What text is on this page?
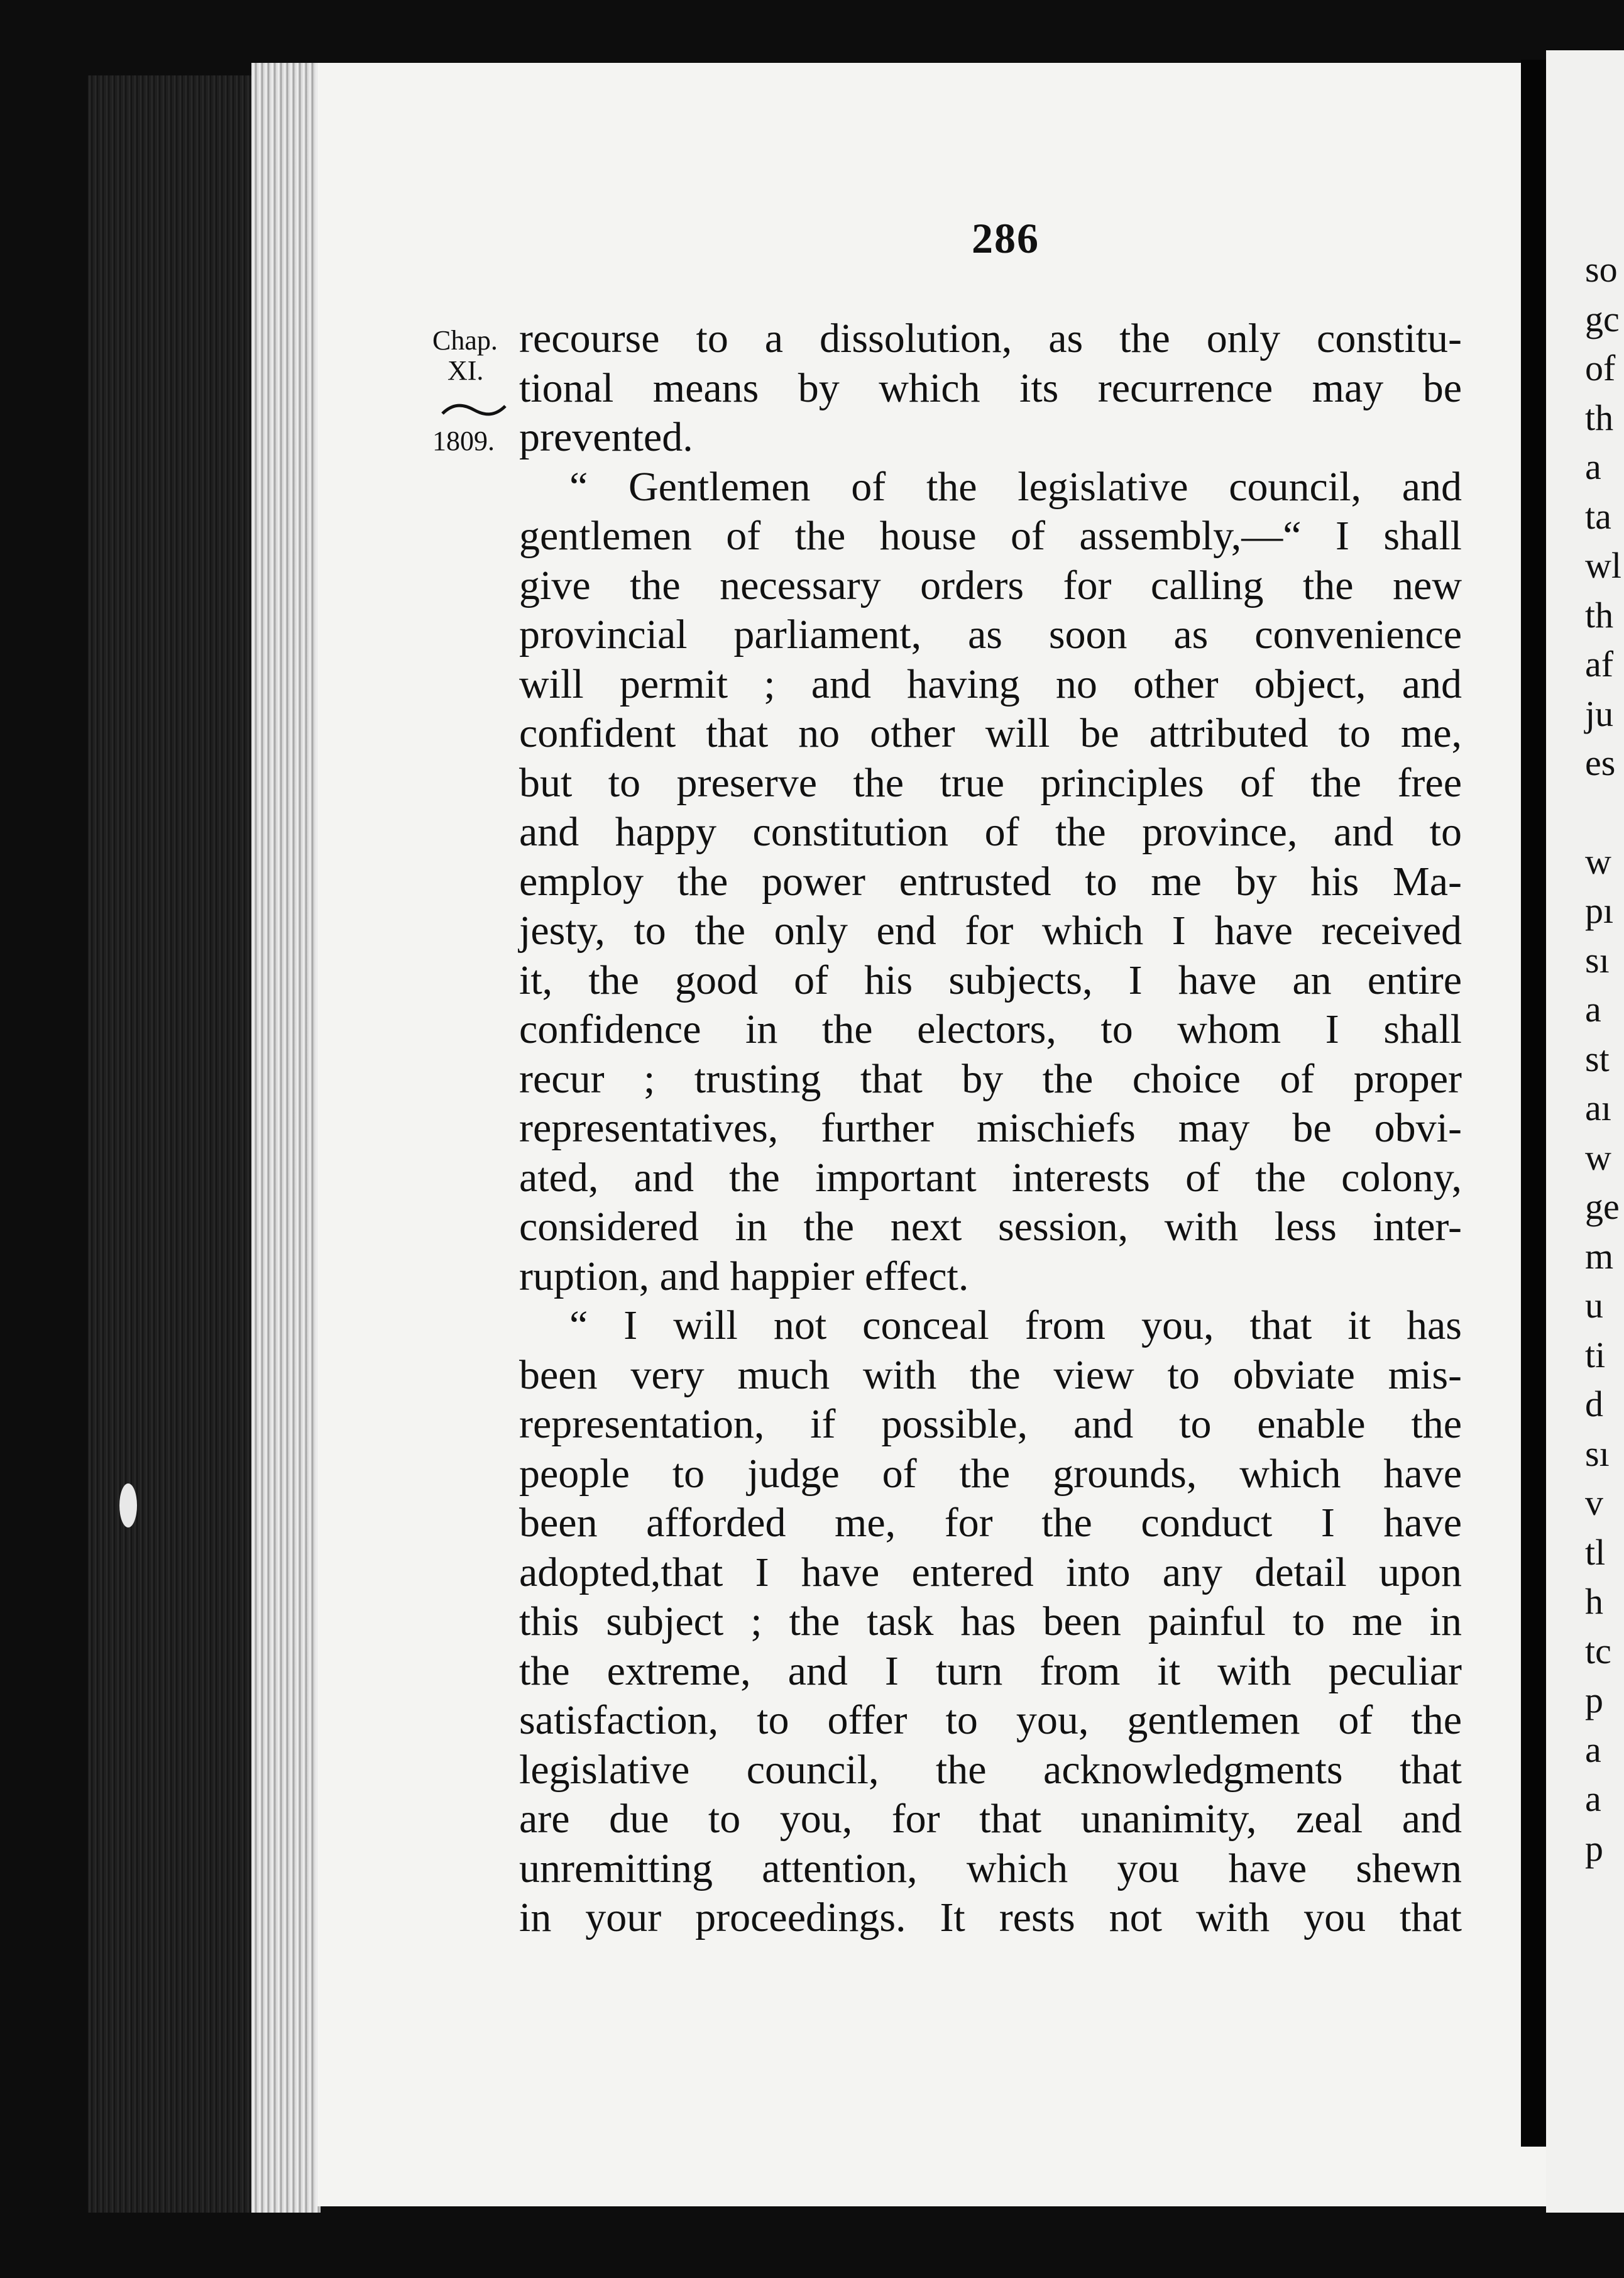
so
gc
of
th
a
ta
wl
th
af
ju
es
w
pı
sı
a
st
aı
w
ge
m
u
ti
d
sı
v
tl
h
tc
p
a
a
p
286
Chap.
XI.
1809.
recourse to a dissolution, as the only constitu-
tional means by which its recurrence may be
prevented.
“ Gentlemen of the legislative council, and
gentlemen of the house of assembly,—“ I shall
give the necessary orders for calling the new
provincial parliament, as soon as convenience
will permit ; and having no other object, and
confident that no other will be attributed to me,
but to preserve the true principles of the free
and happy constitution of the province, and to
employ the power entrusted to me by his Ma-
jesty, to the only end for which I have received
it, the good of his subjects, I have an entire
confidence in the electors, to whom I shall
recur ; trusting that by the choice of proper
representatives, further mischiefs may be obvi-
ated, and the important interests of the colony,
considered in the next session, with less inter-
ruption, and happier effect.
“ I will not conceal from you, that it has
been very much with the view to obviate mis-
representation, if possible, and to enable the
people to judge of the grounds, which have
been afforded me, for the conduct I have
adopted,that I have entered into any detail upon
this subject ; the task has been painful to me in
the extreme, and I turn from it with peculiar
satisfaction, to offer to you, gentlemen of the
legislative council, the acknowledgments that
are due to you, for that unanimity, zeal and
unremitting attention, which you have shewn
in your proceedings. It rests not with you that
